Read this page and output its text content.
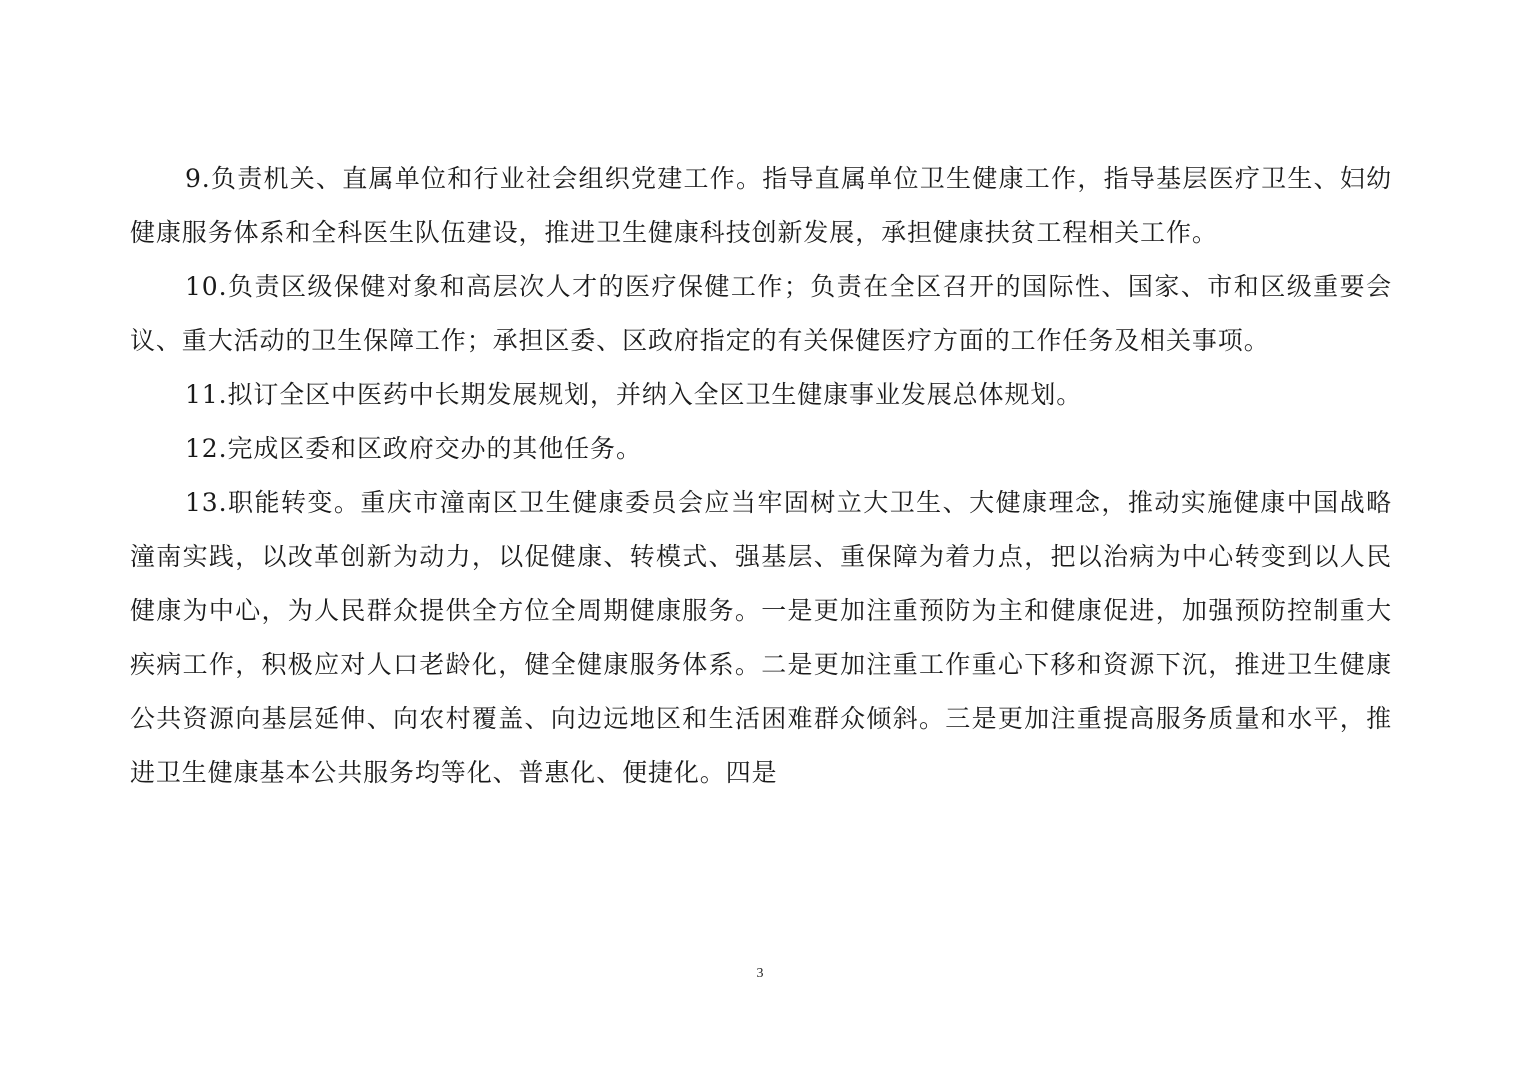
9.负责机关、直属单位和行业社会组织党建工作。指导直属单位卫生健康工作，指导基层医疗卫生、妇幼健康服务体系和全科医生队伍建设，推进卫生健康科技创新发展，承担健康扶贫工程相关工作。

10.负责区级保健对象和高层次人才的医疗保健工作；负责在全区召开的国际性、国家、市和区级重要会议、重大活动的卫生保障工作；承担区委、区政府指定的有关保健医疗方面的工作任务及相关事项。

11.拟订全区中医药中长期发展规划，并纳入全区卫生健康事业发展总体规划。

12.完成区委和区政府交办的其他任务。

13.职能转变。重庆市潼南区卫生健康委员会应当牢固树立大卫生、大健康理念，推动实施健康中国战略潼南实践，以改革创新为动力，以促健康、转模式、强基层、重保障为着力点，把以治病为中心转变到以人民健康为中心，为人民群众提供全方位全周期健康服务。一是更加注重预防为主和健康促进，加强预防控制重大疾病工作，积极应对人口老龄化，健全健康服务体系。二是更加注重工作重心下移和资源下沉，推进卫生健康公共资源向基层延伸、向农村覆盖、向边远地区和生活困难群众倾斜。三是更加注重提高服务质量和水平，推进卫生健康基本公共服务均等化、普惠化、便捷化。四是

3
